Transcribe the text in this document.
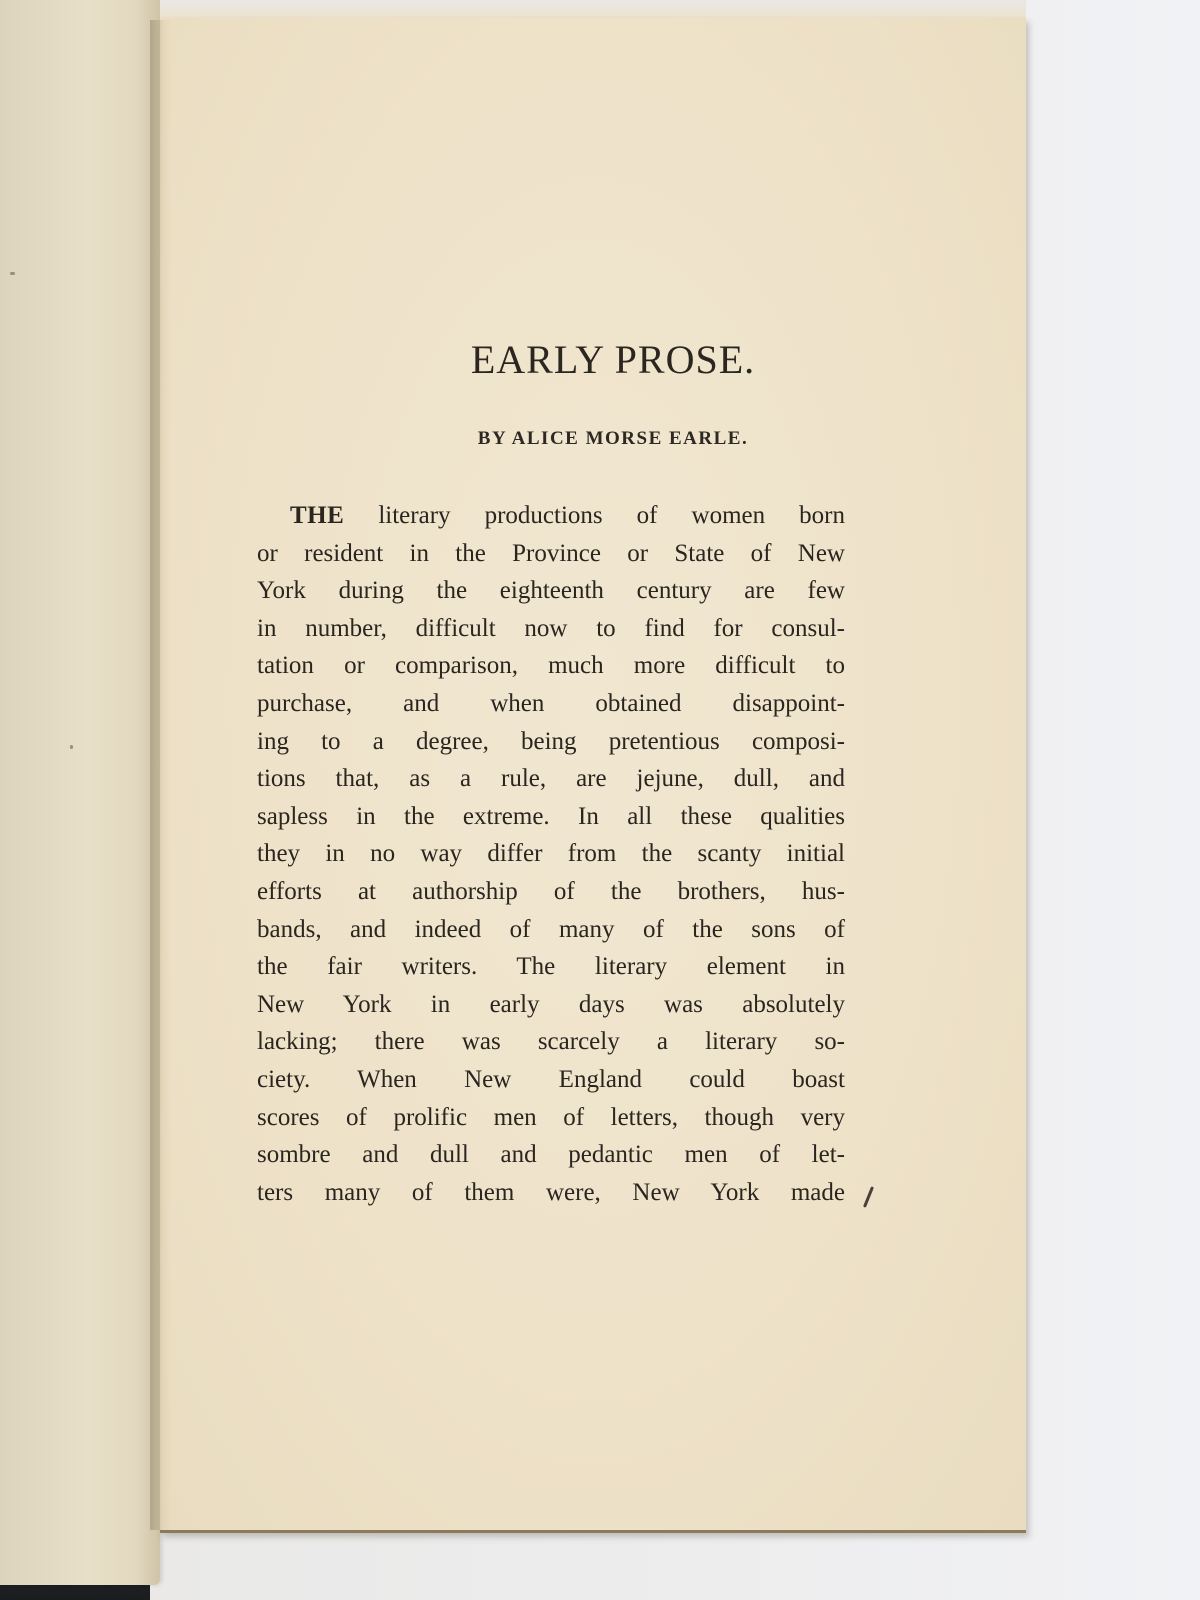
EARLY PROSE.
BY ALICE MORSE EARLE.
THE literary productions of women born
or resident in the Province or State of New
York during the eighteenth century are few
in number, difficult now to find for consul-
tation or comparison, much more difficult to
purchase, and when obtained disappoint-
ing to a degree, being pretentious composi-
tions that, as a rule, are jejune, dull, and
sapless in the extreme. In all these qualities
they in no way differ from the scanty initial
efforts at authorship of the brothers, hus-
bands, and indeed of many of the sons of
the fair writers. The literary element in
New York in early days was absolutely
lacking; there was scarcely a literary so-
ciety. When New England could boast
scores of prolific men of letters, though very
sombre and dull and pedantic men of let-
ters many of them were, New York made
